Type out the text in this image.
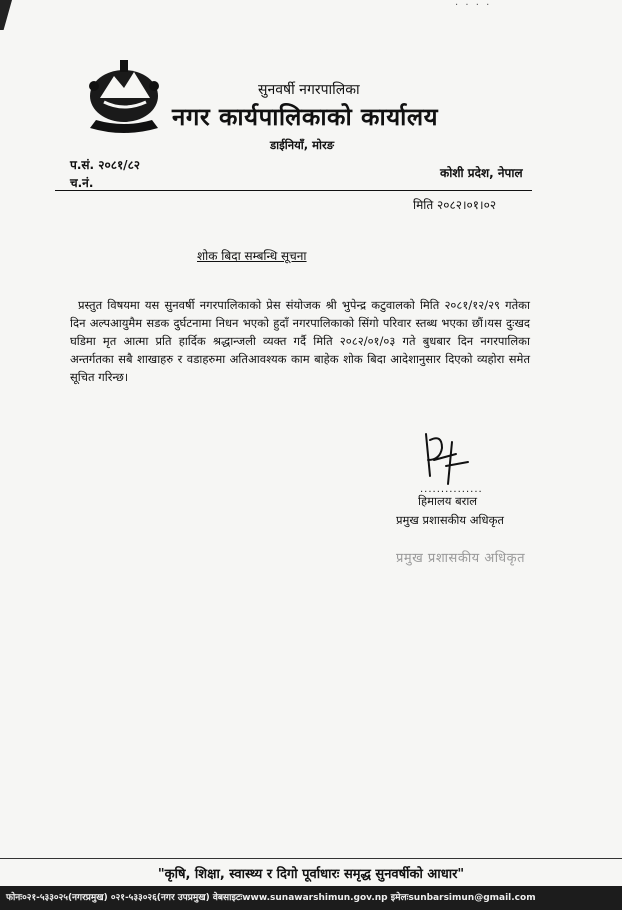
· · · ·
सुनवर्षी नगरपालिका
नगर कार्यपालिकाको कार्यालय
डाईनियाँ, मोरङ
प.सं. २०८१/८२
च.नं.
कोशी प्रदेश, नेपाल
मिति २०८२।०१।०२
शोक बिदा सम्बन्धि सूचना
प्रस्तुत विषयमा यस सुनवर्षी नगरपालिकाको प्रेस संयोजक श्री भुपेन्द्र कटुवालको मिति २०८१/१२/२९ गतेका दिन अल्पआयुमैम सडक दुर्घटनामा निधन भएको हुदाँ नगरपालिकाको सिंगो परिवार स्तब्ध भएका छौं।यस दुःखद घडिमा मृत आत्मा प्रति हार्दिक श्रद्धान्जली व्यक्त गर्दै मिति २०८२/०१/०३ गते बुधबार दिन नगरपालिका अन्तर्गतका सबै शाखाहरु र वडाहरुमा अतिआवश्यक काम बाहेक शोक बिदा आदेशानुसार दिएको व्यहोरा समेत सूचित गरिन्छ।
...............
हिमालय बराल
प्रमुख प्रशासकीय अधिकृत
प्रमुख प्रशासकीय अधिकृत
"कृषि, शिक्षा, स्वास्थ्य र दिगो पूर्वाधारः समृद्ध सुनवर्षीको आधार"
फोनः०२१-५३३०२५(नगरप्रमुख) ०२१-५३३०२६(नगर उपप्रमुख) वेबसाइटःwww.sunawarshimun.gov.np इमेलःsunbarsimun@gmail.com
